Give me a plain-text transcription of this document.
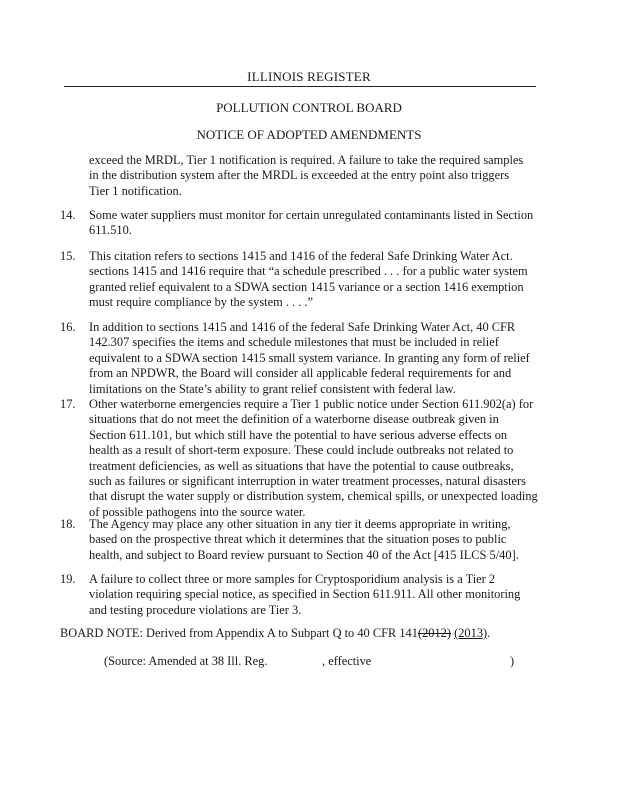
ILLINOIS REGISTER
POLLUTION CONTROL BOARD
NOTICE OF ADOPTED AMENDMENTS

exceed the MRDL, Tier 1 notification is required. A failure to take the required samples in the distribution system after the MRDL is exceeded at the entry point also triggers Tier 1 notification.

14.	Some water suppliers must monitor for certain unregulated contaminants listed in Section 611.510.

15.	This citation refers to sections 1415 and 1416 of the federal Safe Drinking Water Act. sections 1415 and 1416 require that “a schedule prescribed . . . for a public water system granted relief equivalent to a SDWA section 1415 variance or a section 1416 exemption must require compliance by the system . . . .”

16.	In addition to sections 1415 and 1416 of the federal Safe Drinking Water Act, 40 CFR 142.307 specifies the items and schedule milestones that must be included in relief equivalent to a SDWA section 1415 small system variance. In granting any form of relief from an NPDWR, the Board will consider all applicable federal requirements for and limitations on the State’s ability to grant relief consistent with federal law.

17.	Other waterborne emergencies require a Tier 1 public notice under Section 611.902(a) for situations that do not meet the definition of a waterborne disease outbreak given in Section 611.101, but which still have the potential to have serious adverse effects on health as a result of short-term exposure. These could include outbreaks not related to treatment deficiencies, as well as situations that have the potential to cause outbreaks, such as failures or significant interruption in water treatment processes, natural disasters that disrupt the water supply or distribution system, chemical spills, or unexpected loading of possible pathogens into the source water.

18.	The Agency may place any other situation in any tier it deems appropriate in writing, based on the prospective threat which it determines that the situation poses to public health, and subject to Board review pursuant to Section 40 of the Act [415 ILCS 5/40].

19.	A failure to collect three or more samples for Cryptosporidium analysis is a Tier 2 violation requiring special notice, as specified in Section 611.911. All other monitoring and testing procedure violations are Tier 3.

BOARD NOTE: Derived from Appendix A to Subpart Q to 40 CFR 141(2012) (2013).
(Source: Amended at 38 Ill. Reg.	, effective	)
